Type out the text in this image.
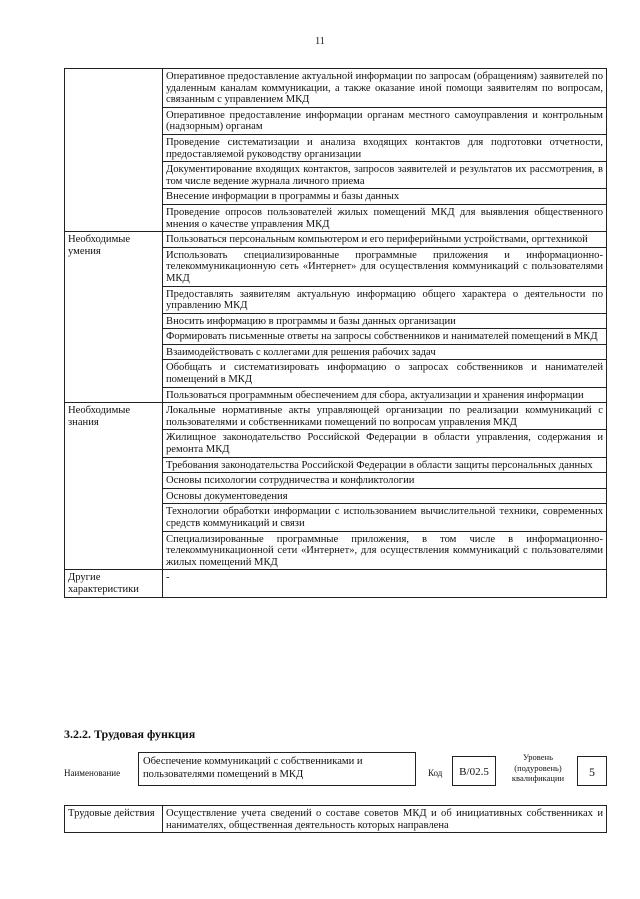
11
	Оперативное предоставление актуальной информации по запросам (обращениям) заявителей по удаленным каналам коммуникации, а также оказание иной помощи заявителям по вопросам, связанным с управлением МКД
	Оперативное предоставление информации органам местного самоуправления и контрольным (надзорным) органам
	Проведение систематизации и анализа входящих контактов для подготовки отчетности, предоставляемой руководству организации
	Документирование входящих контактов, запросов заявителей и результатов их рассмотрения, в том числе ведение журнала личного приема
	Внесение информации в программы и базы данных
	Проведение опросов пользователей жилых помещений МКД для выявления общественного мнения о качестве управления МКД
Необходимые умения	Пользоваться персональным компьютером и его периферийными устройствами, оргтехникой
	Использовать специализированные программные приложения и информационно-телекоммуникационную сеть «Интернет» для осуществления коммуникаций с пользователями МКД
	Предоставлять заявителям актуальную информацию общего характера о деятельности по управлению МКД
	Вносить информацию в программы и базы данных организации
	Формировать письменные ответы на запросы собственников и нанимателей помещений в МКД
	Взаимодействовать с коллегами для решения рабочих задач
	Обобщать и систематизировать информацию о запросах собственников и нанимателей помещений в МКД
	Пользоваться программным обеспечением для сбора, актуализации и хранения информации
Необходимые знания	Локальные нормативные акты управляющей организации по реализации коммуникаций с пользователями и собственниками помещений по вопросам управления МКД
	Жилищное законодательство Российской Федерации в области управления, содержания и ремонта МКД
	Требования законодательства Российской Федерации в области защиты персональных данных
	Основы психологии сотрудничества и конфликтологии
	Основы документоведения
	Технологии обработки информации с использованием вычислительной техники, современных средств коммуникаций и связи
	Специализированные программные приложения, в том числе в информационно-телекоммуникационной сети «Интернет», для осуществления коммуникаций с пользователями жилых помещений МКД
Другие характеристики	-
3.2.2. Трудовая функция
Наименование
Обеспечение коммуникаций с собственниками и пользователями помещений в МКД	Код	B/02.5
Уровень (подуровень) квалификации	5
Трудовые действия	Осуществление учета сведений о составе советов МКД и об инициативных собственниках и нанимателях, общественная деятельность которых направлена
